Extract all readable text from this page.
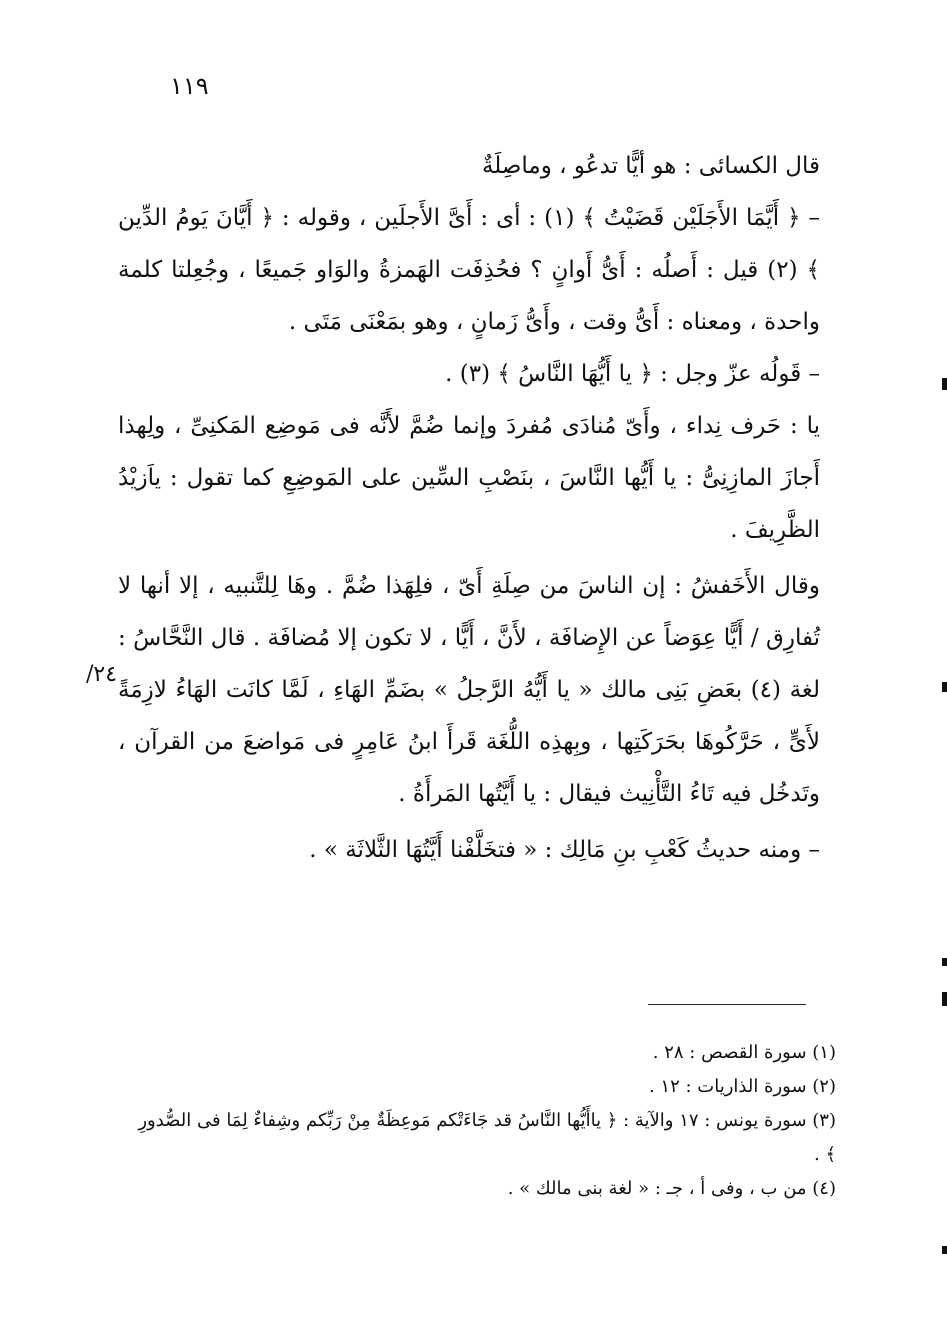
١١٩

قال الكسائى : هو أيًّا تدعُو ، وماصِلَةٌ

– ﴿ أَيَّمَا الأَجَلَيْن قَضَيْتُ ﴾ (١) : أى : أَىَّ الأَجلَين ، وقوله : ﴿ أَيَّانَ يَومُ الدِّين ﴾ (٢) قيل : أَصلُه : أَىُّ أَوانٍ ؟ فحُذِفَت الهَمزةُ والوَاو جَميعًا ، وجُعِلتا كلمة واحدة ، ومعناه : أَىُّ وقت ، وأَىُّ زَمانٍ ، وهو بمَعْنَى مَتَى .

– قَولُه عزّ وجل : ﴿ يا أَيُّهَا النَّاسُ ﴾ (٣) .

يا : حَرف نِداء ، وأَىّ مُنادَى مُفردَ وإنما ضُمَّ لأَنَّه فى مَوضِع المَكنِىِّ ، ولِهذا أَجازَ المازِنِىُّ : يا أَيُّها النَّاسَ ، بنَصْبِ السِّين على المَوضِعِ كما تقول : ياَزيْدُ الظَّرِيفَ .

وقال الأَخَفشُ : إن الناسَ من صِلَةِ أَىّ ، فلِهَذا ضُمَّ . وهَا لِلتَّنبيه ، إلا أنها لا تُفارِق / أَيًّا عِوَضاً عن الإِضافَة ، لأَنَّ ، أَيًّا ، لا تكون إلا مُضافَة . قال النَّحَّاسُ : لغة (٤) بعَضِ بَنِى مالك « يا أَيُّهُ الرَّجلُ » بضَمِّ الهَاءِ ، لَمَّا كانَت الهَاءُ لازِمَةً لأَىٍّ ، حَرَّكُوهَا بحَرَكَتِها ، وبِهذِه اللُّغَة قَرأَ ابنُ عَامِرٍ فى مَواضعَ من القرآن ، وتَدخُل فيه تَاءُ التَّأْنِيث فيقال : يا أَيَّتُها المَرأَةُ .

– ومنه حديثُ كَعْبِ بنِ مَالِك : « فتخَلَّفْنا أَيَّتُهَا الثَّلاثَة » .

٢٤/

(١) سورة القصص : ٢٨ .

(٢) سورة الذاريات : ١٢ .

(٣) سورة يونس : ١٧ والآية : ﴿ ياأَيُّها النَّاسُ قد جَاءَتْكم مَوعِظَةٌ مِنْ رَبِّكم وشِفاءٌ لِمَا فى الصُّدورِ ﴾ .

(٤) من ب ، وفى أ ، جـ : « لغة بنى مالك » .
